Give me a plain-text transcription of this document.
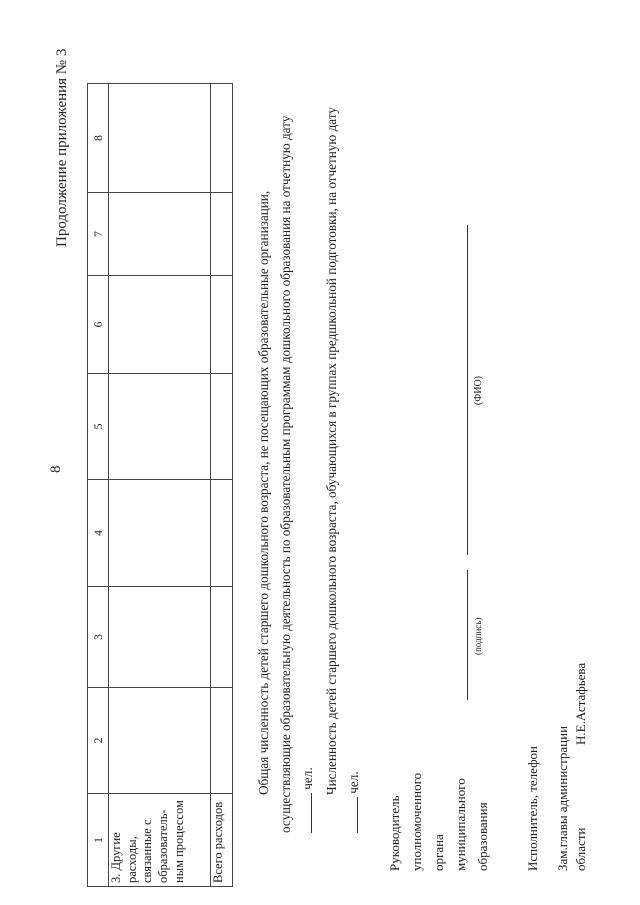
8
Продолжение приложения № 3
1	2	3	4	5	6	7	8

3. Другие расходы, связанные с образователь- ным процессом							

Всего расходов							
Общая численность детей старшего дошкольного возраста, не посещающих образовательные организации, осуществляющие образовательную деятельность по образовательным программам дошкольного образования на отчетную дату чел. Численность детей старшего дошкольного возраста, обучающихся в группах предшкольной подготовки, на отчетную дату чел.
Руководитель уполномоченного органа муниципального образования
(подпись)
(ФИО)
Исполнитель, телефон Зам.главы администрации области
Н.Е.Астафьева
